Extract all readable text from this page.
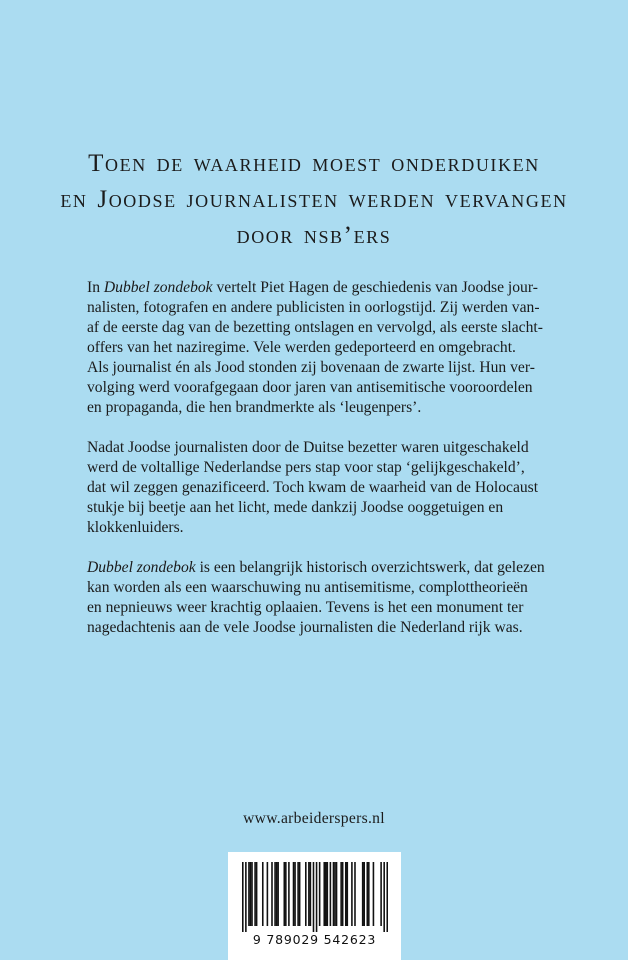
Toen de waarheid moest onderduiken
en Joodse journalisten werden vervangen
door nsb’ers
In Dubbel zondebok vertelt Piet Hagen de geschiedenis van Joodse jour-
nalisten, fotografen en andere publicisten in oorlogstijd. Zij werden van-
af de eerste dag van de bezetting ontslagen en vervolgd, als eerste slacht-
offers van het naziregime. Vele werden gedeporteerd en omgebracht.
Als journalist én als Jood stonden zij bovenaan de zwarte lijst. Hun ver-
volging werd voorafgegaan door jaren van antisemitische vooroordelen
en propaganda, die hen brandmerkte als ‘leugenpers’.
Nadat Joodse journalisten door de Duitse bezetter waren uitgeschakeld
werd de voltallige Nederlandse pers stap voor stap ‘gelijkgeschakeld’,
dat wil zeggen genazificeerd. Toch kwam de waarheid van de Holocaust
stukje bij beetje aan het licht, mede dankzij Joodse ooggetuigen en
klokkenluiders.
Dubbel zondebok is een belangrijk historisch overzichtswerk, dat gelezen
kan worden als een waarschuwing nu antisemitisme, complottheorieën
en nepnieuws weer krachtig oplaaien. Tevens is het een monument ter
nagedachtenis aan de vele Joodse journalisten die Nederland rijk was.
www.arbeiderspers.nl
9 789029 542623
